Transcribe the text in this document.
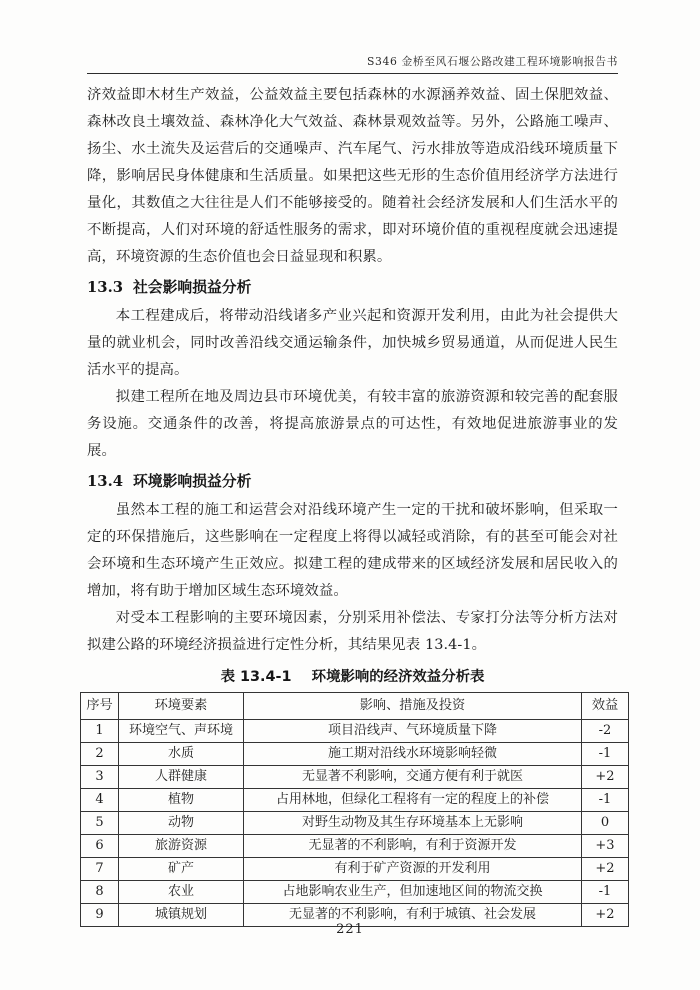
S346 金桥至风石堰公路改建工程环境影响报告书

济效益即木材生产效益，公益效益主要包括森林的水源涵养效益、固土保肥效益、森林改良土壤效益、森林净化大气效益、森林景观效益等。另外，公路施工噪声、扬尘、水土流失及运营后的交通噪声、汽车尾气、污水排放等造成沿线环境质量下降，影响居民身体健康和生活质量。如果把这些无形的生态价值用经济学方法进行量化，其数值之大往往是人们不能够接受的。随着社会经济发展和人们生活水平的不断提高，人们对环境的舒适性服务的需求，即对环境价值的重视程度就会迅速提高，环境资源的生态价值也会日益显现和积累。

13.3 社会影响损益分析

本工程建成后，将带动沿线诸多产业兴起和资源开发利用，由此为社会提供大量的就业机会，同时改善沿线交通运输条件，加快城乡贸易通道，从而促进人民生活水平的提高。

拟建工程所在地及周边县市环境优美，有较丰富的旅游资源和较完善的配套服务设施。交通条件的改善，将提高旅游景点的可达性，有效地促进旅游事业的发展。

13.4 环境影响损益分析

虽然本工程的施工和运营会对沿线环境产生一定的干扰和破坏影响，但采取一定的环保措施后，这些影响在一定程度上将得以减轻或消除，有的甚至可能会对社会环境和生态环境产生正效应。拟建工程的建成带来的区域经济发展和居民收入的增加，将有助于增加区域生态环境效益。

对受本工程影响的主要环境因素，分别采用补偿法、专家打分法等分析方法对拟建公路的环境经济损益进行定性分析，其结果见表 13.4-1。

表 13.4-1 环境影响的经济效益分析表
序号	环境要素	影响、措施及投资	效益
1	环境空气、声环境	项目沿线声、气环境质量下降	-2
2	水质	施工期对沿线水环境影响轻微	-1
3	人群健康	无显著不利影响，交通方便有利于就医	+2
4	植物	占用林地，但绿化工程将有一定的程度上的补偿	-1
5	动物	对野生动物及其生存环境基本上无影响	0
6	旅游资源	无显著的不利影响，有利于资源开发	+3
7	矿产	有利于矿产资源的开发利用	+2
8	农业	占地影响农业生产，但加速地区间的物流交换	-1
9	城镇规划	无显著的不利影响，有利于城镇、社会发展	+2
221
